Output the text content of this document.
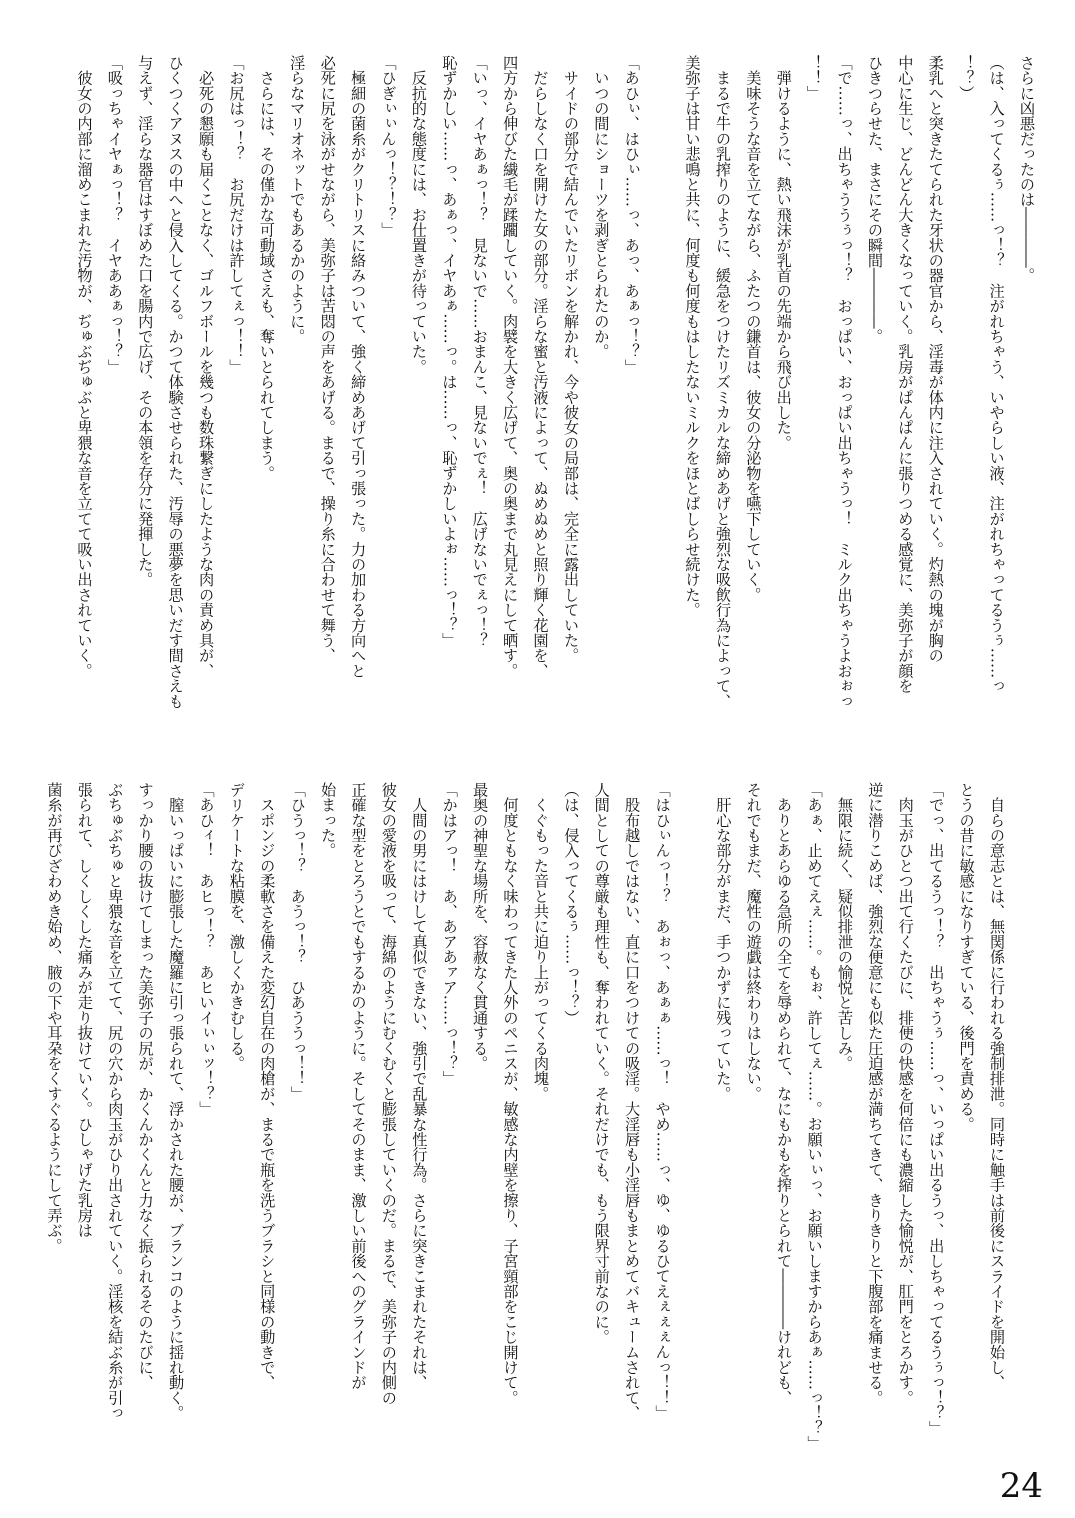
さらに凶悪だったのは――――。
（は、入ってくるぅ……っ！？　注がれちゃう、いやらしい液、注がれちゃってるうぅ……っ
！？）
柔乳へと突きたてられた牙状の器官から、淫毒が体内に注入されていく。灼熱の塊が胸の
中心に生じ、どんどん大きくなっていく。乳房がぱんぱんに張りつめる感覚に、美弥子が顔を
ひきつらせた、まさにその瞬間――――。
「で……っ、出ちゃううぅっ！？　おっぱい、おっぱい出ちゃうっ！　ミルク出ちゃうよおぉっ
！！」
　弾けるように、熱い飛沫が乳首の先端から飛び出した。
　美味そうな音を立てながら、ふたつの鎌首は、彼女の分泌物を嚥下していく。
　まるで牛の乳搾りのように、緩急をつけたリズミカルな締めあげと強烈な吸飲行為によって、
美弥子は甘い悲鳴と共に、何度も何度もはしたないミルクをほとばしらせ続けた。
「あひぃ、はひぃ……っ、あっ、あぁっ！？」
　いつの間にショーツを剥ぎとられたのか。
　サイドの部分で結んでいたリボンを解かれ、今や彼女の局部は、完全に露出していた。
　だらしなく口を開けた女の部分。淫らな蜜と汚液によって、ぬめぬめと照り輝く花園を、
四方から伸びた繊毛が蹂躙していく。肉襞を大きく広げて、奥の奥まで丸見えにして晒す。
「いっ、イヤあぁっ！？　見ないで……おまんこ、見ないでぇ！　広げないでぇっ！？
恥ずかしい……っ、あぁっ、イヤあぁ……っ。は……っ、恥ずかしいよぉ……っ！？」
　反抗的な態度には、お仕置きが待っていた。
「ひぎぃぃんっ！？！？」
　極細の菌糸がクリトリスに絡みついて、強く締めあげて引っ張った。力の加わる方向へと
必死に尻を泳がせながら、美弥子は苦悶の声をあげる。まるで、操り糸に合わせて舞う、
淫らなマリオネットでもあるかのように。
　さらには、その僅かな可動域さえも、奪いとられてしまう。
「お尻はっ！？　お尻だけは許してぇっ！！」
　必死の懇願も届くことなく、ゴルフボールを幾つも数珠繋ぎにしたような肉の責め具が、
ひくつくアヌスの中へと侵入してくる。かつて体験させられた、汚辱の悪夢を思いだす間さえも
与えず、淫らな器官はすぼめた口を腸内で広げ、その本領を存分に発揮した。
「吸っちゃイヤぁっ！？　イヤああぁっ！？」
　彼女の内部に溜めこまれた汚物が、ぢゅぶぢゅぶと卑猥な音を立てて吸い出されていく。
　自らの意志とは、無関係に行われる強制排泄。同時に触手は前後にスライドを開始し、
とうの昔に敏感になりすぎている、後門を責める。
「でっ、出てるうっ！？　出ちゃうぅ……っ、いっぱい出るうっ、出しちゃってるうぅっ！？」
　肉玉がひとつ出て行くたびに、排便の快感を何倍にも濃縮した愉悦が、肛門をとろかす。
逆に潜りこめば、強烈な便意にも似た圧迫感が満ちてきて、きりきりと下腹部を痛ませる。
　無限に続く、疑似排泄の愉悦と苦しみ。
「あぁ、止めてえぇ……。もぉ、許してぇ……。お願いぃっ、お願いしますからあぁ……っ！？」
　ありとあらゆる急所の全てを辱められて、なにもかもを搾りとられて――――けれども、
それでもまだ、魔性の遊戯は終わりはしない。
　肝心な部分がまだ、手つかずに残っていた。
「はひぃんっ！？　あぉっ、あぁぁ……っ！　やめ……っ、ゆ、ゆるひてえぇぇぇんっ！！」
　股布越しではない、直に口をつけての吸淫。大淫唇も小淫唇もまとめてバキュームされて、
人間としての尊厳も理性も、奪われていく。それだけでも、もう限界寸前なのに。
（は、侵入ってくるぅ……っ！？）
　くぐもった音と共に迫り上がってくる肉塊。
　何度ともなく味わってきた人外のペニスが、敏感な内壁を擦り、子宮頸部をこじ開けて。
最奥の神聖な場所を、容赦なく貫通する。
「かはアっ！　あ、あアあァア……っ！？」
　人間の男にはけして真似できない、強引で乱暴な性行為。さらに突きこまれたそれは、
彼女の愛液を吸って、海綿のようにむくむくと膨張していくのだ。まるで、美弥子の内側の
正確な型をとろうとでもするかのように。そしてそのまま、激しい前後へのグラインドが
始まった。
「ひうっ！？　あうっ！？　ひあううっ！！」
　スポンジの柔軟さを備えた変幻自在の肉槍が、まるで瓶を洗うブラシと同様の動きで、
デリケートな粘膜を、激しくかきむしる。
「あひィ！　あヒっ！？　あヒいイぃぃッ！？」
　膣いっぱいに膨張した魔羅に引っ張られて、浮かされた腰が、ブランコのように揺れ動く。
すっかり腰の抜けてしまった美弥子の尻が、かくんかくんと力なく振られるそのたびに、
ぶちゅぶちゅと卑猥な音を立てて、尻の穴から肉玉がひり出されていく。淫核を結ぶ糸が引っ
張られて、しくしくした痛みが走り抜けていく。ひしゃげた乳房は
菌糸が再びざわめき始め、腋の下や耳朶をくすぐるようにして弄ぶ。
24
